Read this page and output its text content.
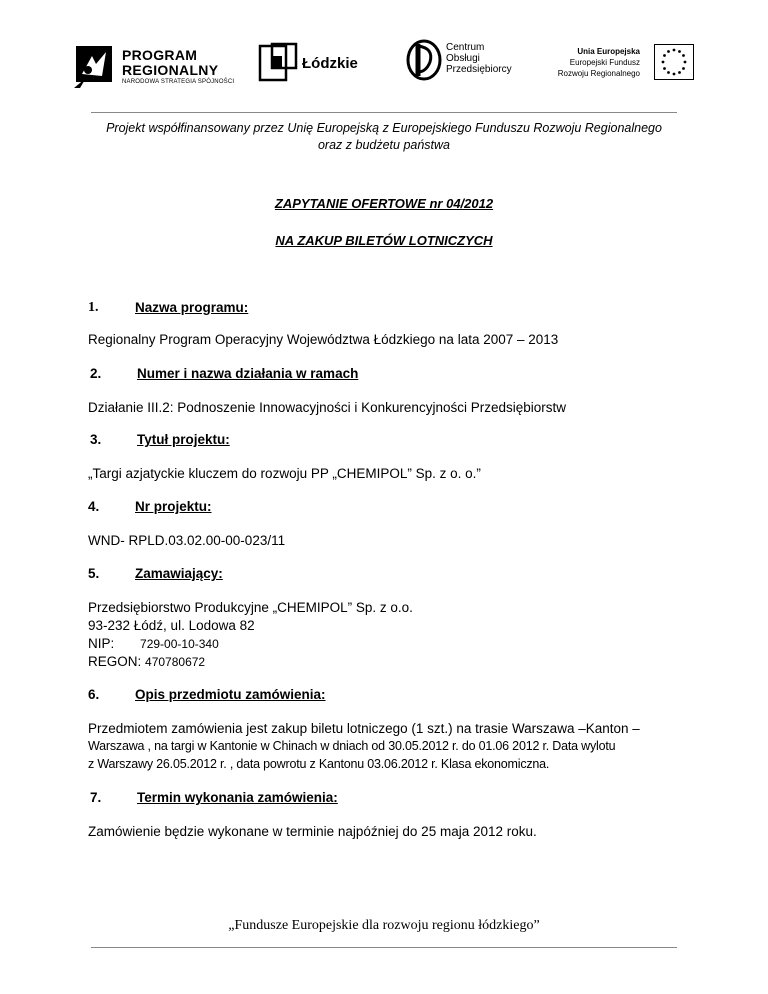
PROGRAM
REGIONALNY
NARODOWA STRATEGIA SPÓJNOŚCI
Łódzkie
Centrum
Obsługi
Przedsiębiorcy
Unia Europejska
Europejski Fundusz
Rozwoju Regionalnego
Projekt współfinansowany przez Unię Europejską z Europejskiego Funduszu Rozwoju Regionalnego
oraz z budżetu państwa
ZAPYTANIE OFERTOWE nr 04/2012
NA ZAKUP BILETÓW LOTNICZYCH
1.	Nazwa programu:
Regionalny Program Operacyjny Województwa Łódzkiego na lata 2007 – 2013
2.	Numer i nazwa działania w ramach
Działanie III.2: Podnoszenie Innowacyjności i Konkurencyjności Przedsiębiorstw
3.	Tytuł projektu:
„Targi azjatyckie kluczem do rozwoju PP „CHEMIPOL” Sp. z o. o.”
4.	Nr projektu:
WND- RPLD.03.02.00-00-023/11
5.	Zamawiający:
Przedsiębiorstwo Produkcyjne „CHEMIPOL” Sp. z o.o.
93-232 Łódź, ul. Lodowa 82
NIP: 729-00-10-340
REGON: 470780672
6.	Opis przedmiotu zamówienia:
Przedmiotem zamówienia jest zakup biletu lotniczego (1 szt.) na trasie Warszawa –Kanton –
Warszawa , na targi w Kantonie w Chinach w dniach od 30.05.2012 r. do 01.06 2012 r. Data wylotu
z Warszawy 26.05.2012 r. , data powrotu z Kantonu 03.06.2012 r. Klasa ekonomiczna.
7.	Termin wykonania zamówienia:
Zamówienie będzie wykonane w terminie najpóźniej do 25 maja 2012 roku.
„Fundusze Europejskie dla rozwoju regionu łódzkiego”
